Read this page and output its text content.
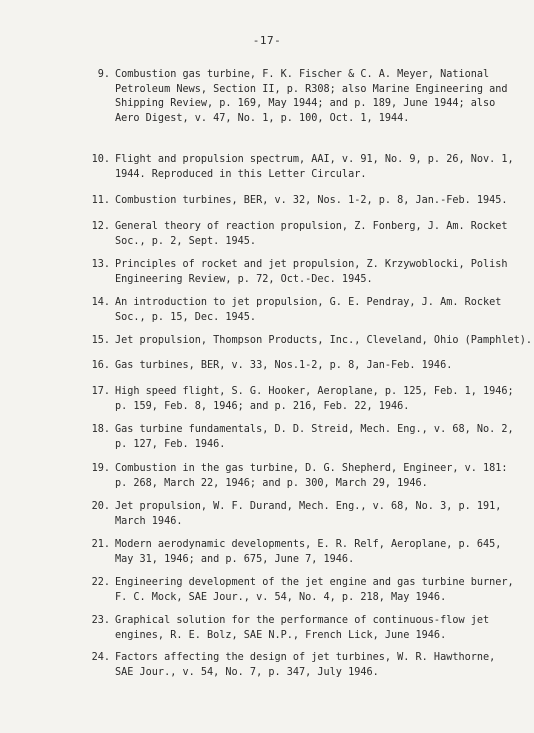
-17-
9. Combustion gas turbine, F. K. Fischer & C. A. Meyer, National
Petroleum News, Section II, p. R308; also Marine Engineering and
Shipping Review, p. 169, May 1944; and p. 189, June 1944; also
Aero Digest, v. 47, No. 1, p. 100, Oct. 1, 1944.
10. Flight and propulsion spectrum, AAI, v. 91, No. 9, p. 26, Nov. 1,
1944. Reproduced in this Letter Circular.
11. Combustion turbines, BER, v. 32, Nos. 1-2, p. 8, Jan.-Feb. 1945.
12. General theory of reaction propulsion, Z. Fonberg, J. Am. Rocket
Soc., p. 2, Sept. 1945.
13. Principles of rocket and jet propulsion, Z. Krzywoblocki, Polish
Engineering Review, p. 72, Oct.-Dec. 1945.
14. An introduction to jet propulsion, G. E. Pendray, J. Am. Rocket
Soc., p. 15, Dec. 1945.
15. Jet propulsion, Thompson Products, Inc., Cleveland, Ohio (Pamphlet).
16. Gas turbines, BER, v. 33, Nos.1-2, p. 8, Jan-Feb. 1946.
17. High speed flight, S. G. Hooker, Aeroplane, p. 125, Feb. 1, 1946;
p. 159, Feb. 8, 1946; and p. 216, Feb. 22, 1946.
18. Gas turbine fundamentals, D. D. Streid, Mech. Eng., v. 68, No. 2,
p. 127, Feb. 1946.
19. Combustion in the gas turbine, D. G. Shepherd, Engineer, v. 181:
p. 268, March 22, 1946; and p. 300, March 29, 1946.
20. Jet propulsion, W. F. Durand, Mech. Eng., v. 68, No. 3, p. 191,
March 1946.
21. Modern aerodynamic developments, E. R. Relf, Aeroplane, p. 645,
May 31, 1946; and p. 675, June 7, 1946.
22. Engineering development of the jet engine and gas turbine burner,
F. C. Mock, SAE Jour., v. 54, No. 4, p. 218, May 1946.
23. Graphical solution for the performance of continuous-flow jet
engines, R. E. Bolz, SAE N.P., French Lick, June 1946.
24. Factors affecting the design of jet turbines, W. R. Hawthorne,
SAE Jour., v. 54, No. 7, p. 347, July 1946.
